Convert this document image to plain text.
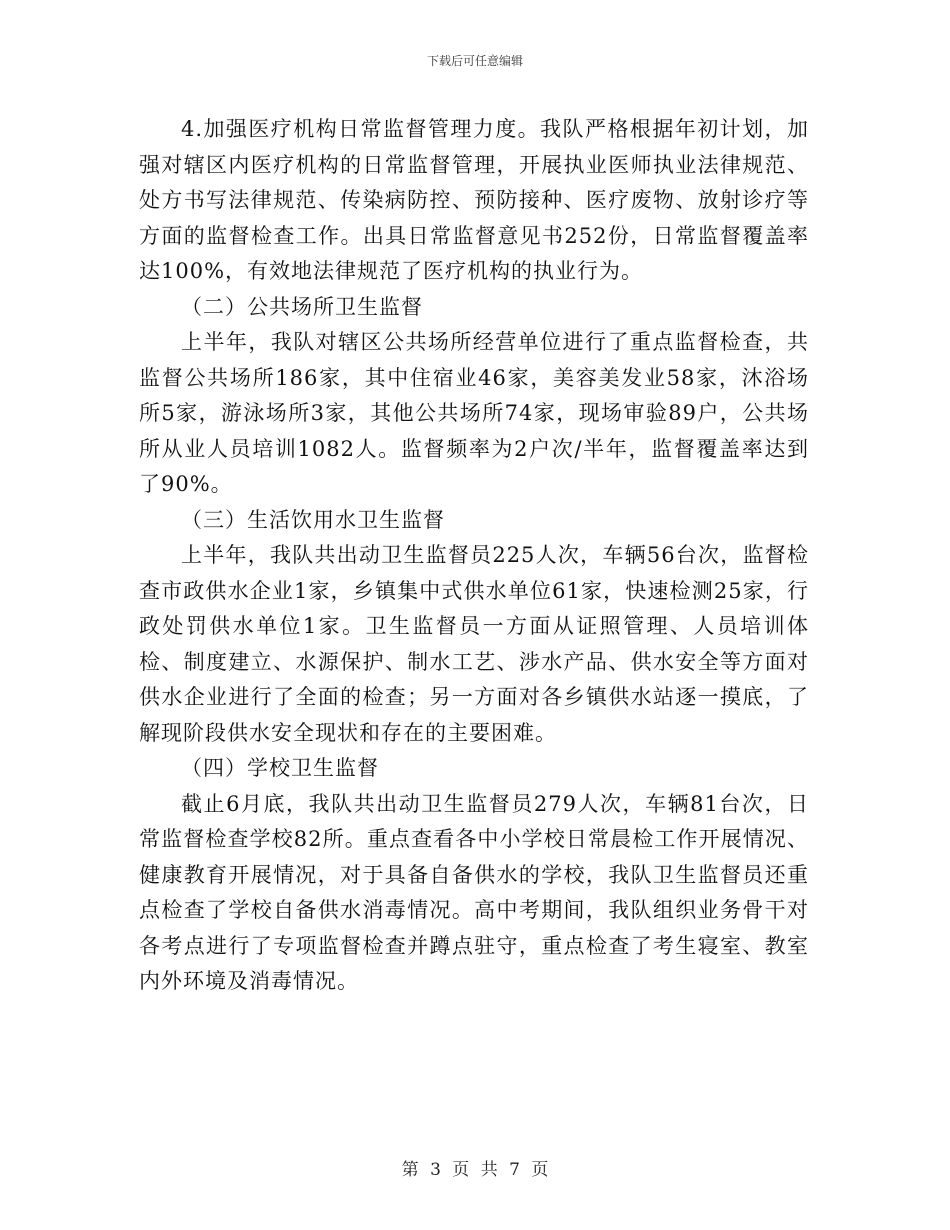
下载后可任意编辑

4.加强医疗机构日常监督管理力度。我队严格根据年初计划，加强对辖区内医疗机构的日常监督管理，开展执业医师执业法律规范、处方书写法律规范、传染病防控、预防接种、医疗废物、放射诊疗等方面的监督检查工作。出具日常监督意见书252份，日常监督覆盖率达100%，有效地法律规范了医疗机构的执业行为。

（二）公共场所卫生监督

上半年，我队对辖区公共场所经营单位进行了重点监督检查，共监督公共场所186家，其中住宿业46家，美容美发业58家，沐浴场所5家，游泳场所3家，其他公共场所74家，现场审验89户，公共场所从业人员培训1082人。监督频率为2户次/半年，监督覆盖率达到了90%。

（三）生活饮用水卫生监督

上半年，我队共出动卫生监督员225人次，车辆56台次，监督检查市政供水企业1家，乡镇集中式供水单位61家，快速检测25家，行政处罚供水单位1家。卫生监督员一方面从证照管理、人员培训体检、制度建立、水源保护、制水工艺、涉水产品、供水安全等方面对供水企业进行了全面的检查；另一方面对各乡镇供水站逐一摸底，了解现阶段供水安全现状和存在的主要困难。

（四）学校卫生监督

截止6月底，我队共出动卫生监督员279人次，车辆81台次，日常监督检查学校82所。重点查看各中小学校日常晨检工作开展情况、健康教育开展情况，对于具备自备供水的学校，我队卫生监督员还重点检查了学校自备供水消毒情况。高中考期间，我队组织业务骨干对各考点进行了专项监督检查并蹲点驻守，重点检查了考生寝室、教室内外环境及消毒情况。

第 3 页 共 7 页
